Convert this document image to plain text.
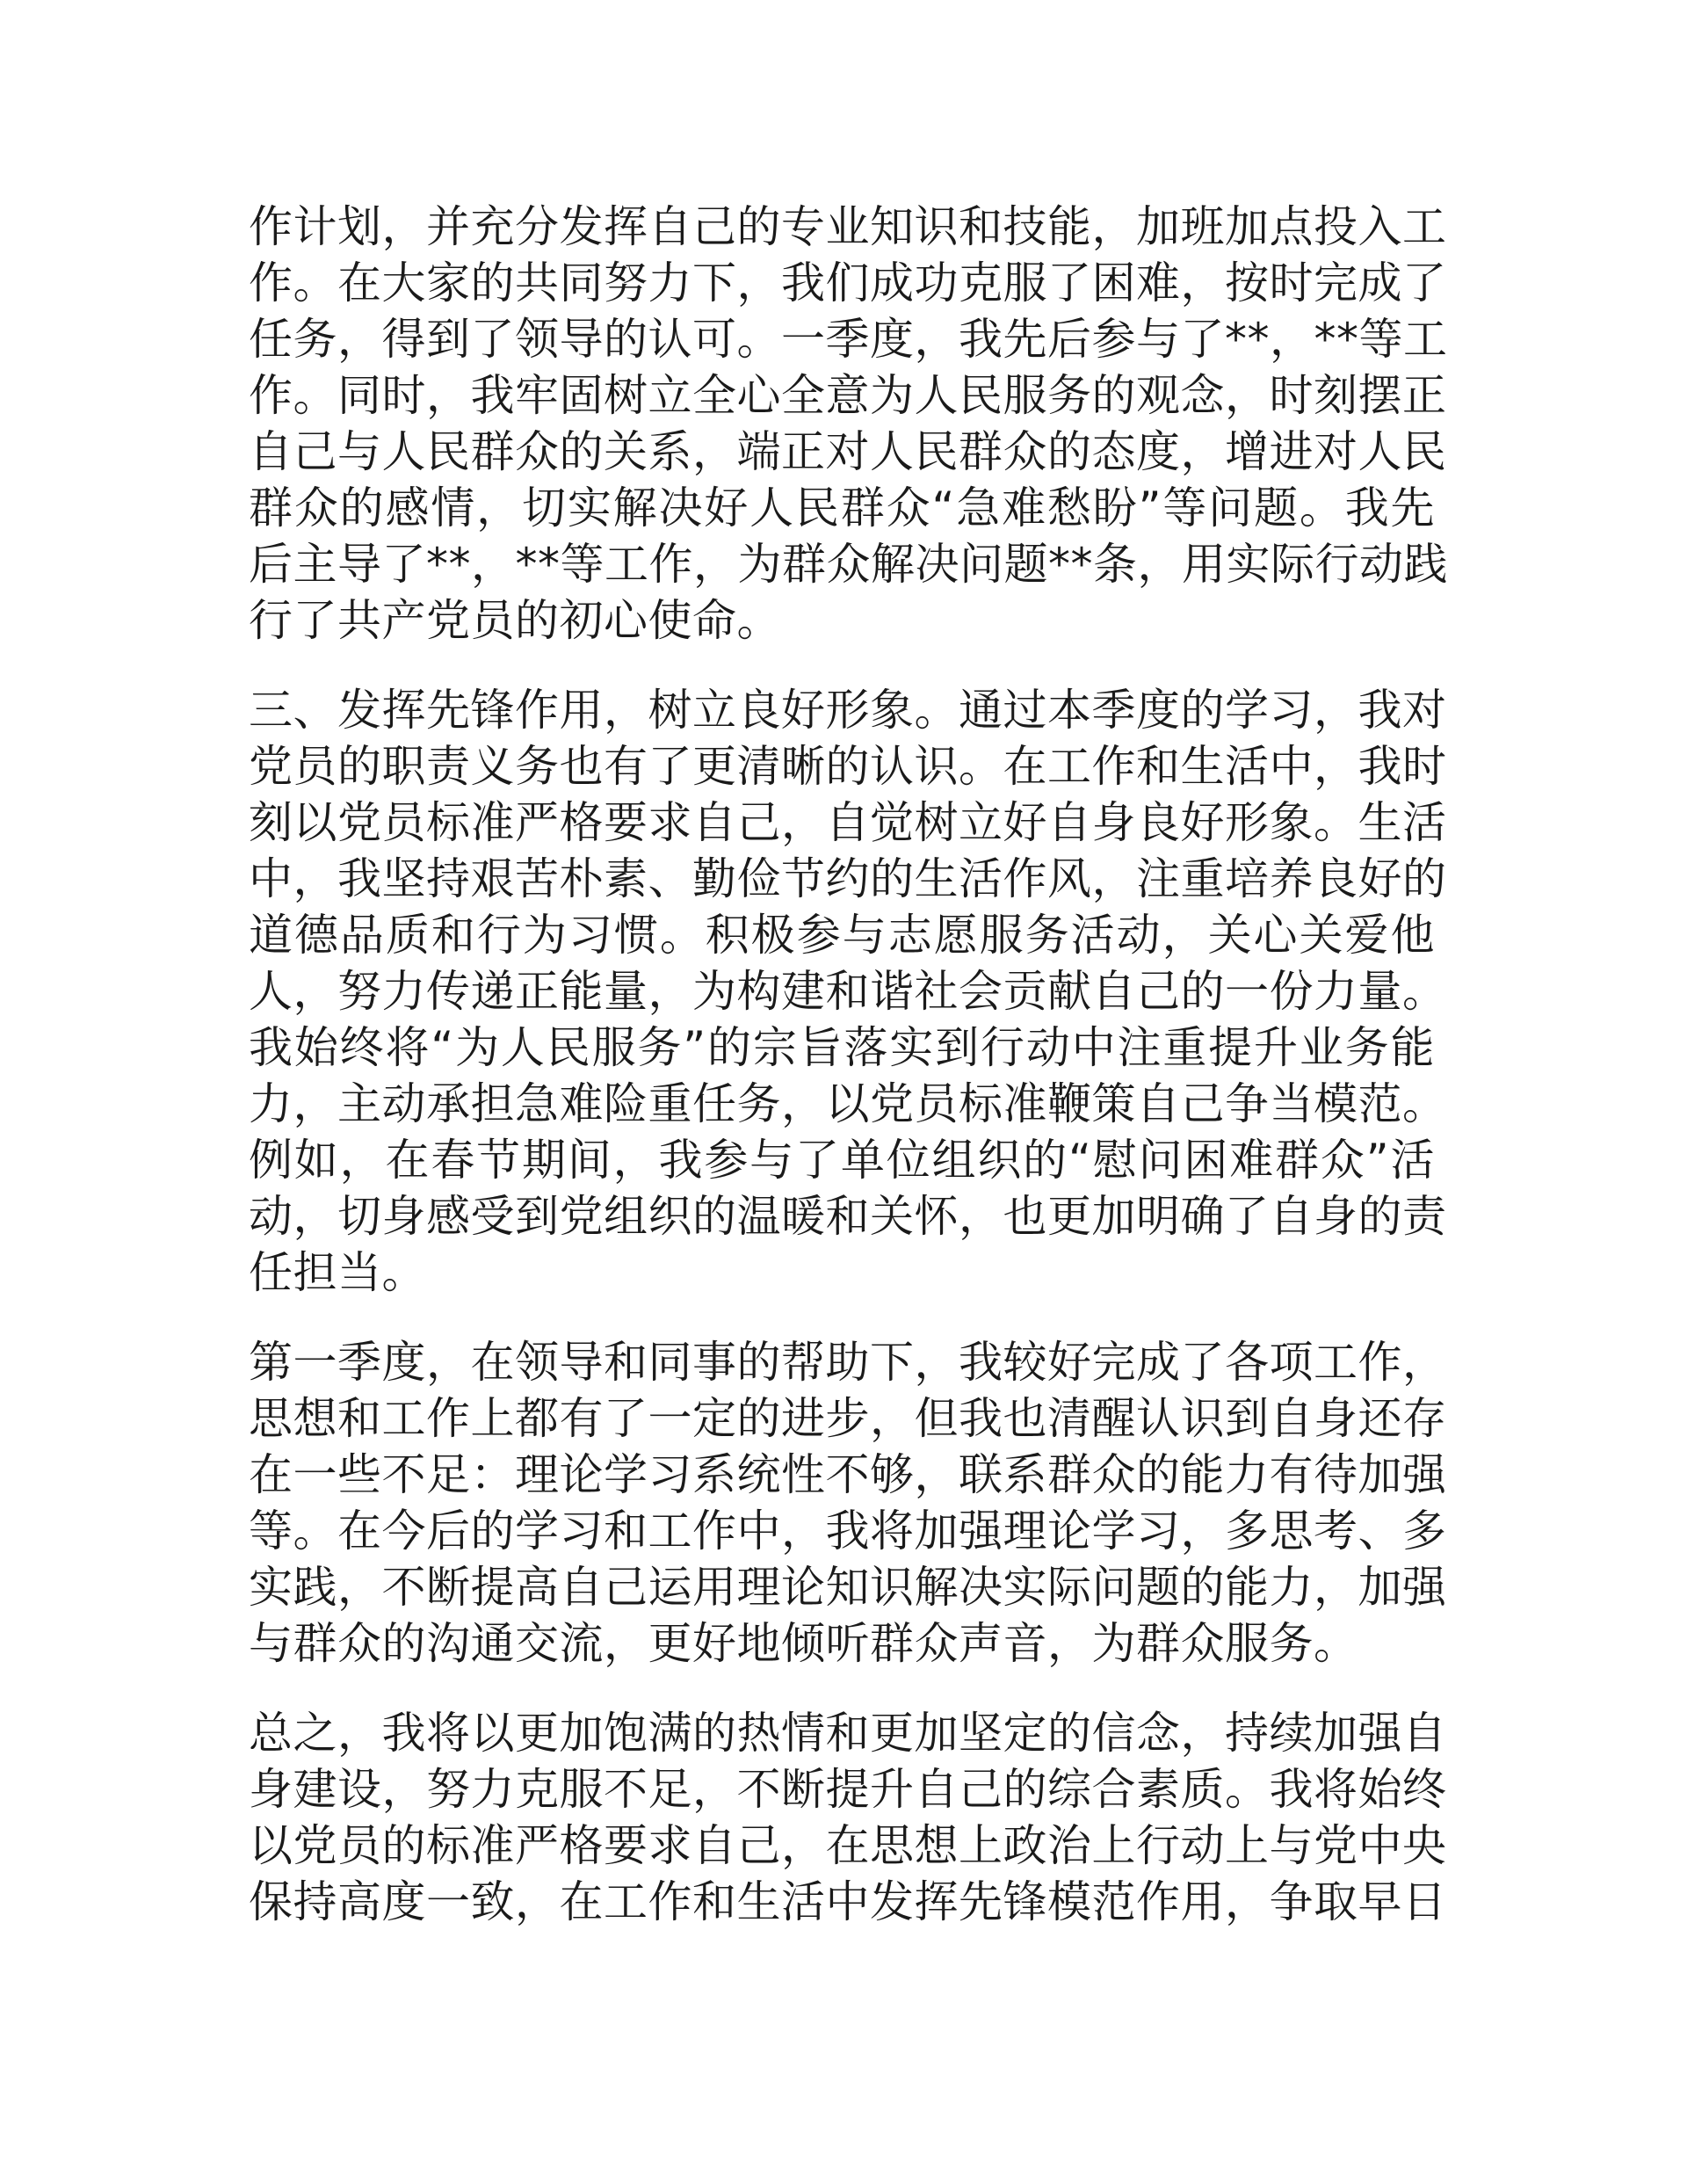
作计划，并充分发挥自己的专业知识和技能，加班加点投入工
作。在大家的共同努力下，我们成功克服了困难，按时完成了
任务，得到了领导的认可。一季度，我先后参与了**，**等工
作。同时，我牢固树立全心全意为人民服务的观念，时刻摆正
自己与人民群众的关系，端正对人民群众的态度，增进对人民
群众的感情，切实解决好人民群众“急难愁盼”等问题。我先
后主导了**，**等工作，为群众解决问题**条，用实际行动践
行了共产党员的初心使命。

三、发挥先锋作用，树立良好形象。通过本季度的学习，我对
党员的职责义务也有了更清晰的认识。在工作和生活中，我时
刻以党员标准严格要求自己，自觉树立好自身良好形象。生活
中，我坚持艰苦朴素、勤俭节约的生活作风，注重培养良好的
道德品质和行为习惯。积极参与志愿服务活动，关心关爱他
人，努力传递正能量，为构建和谐社会贡献自己的一份力量。
我始终将“为人民服务”的宗旨落实到行动中注重提升业务能
力，主动承担急难险重任务，以党员标准鞭策自己争当模范。
例如，在春节期间，我参与了单位组织的“慰问困难群众”活
动，切身感受到党组织的温暖和关怀，也更加明确了自身的责
任担当。

第一季度，在领导和同事的帮助下，我较好完成了各项工作，
思想和工作上都有了一定的进步，但我也清醒认识到自身还存
在一些不足：理论学习系统性不够，联系群众的能力有待加强
等。在今后的学习和工作中，我将加强理论学习，多思考、多
实践，不断提高自己运用理论知识解决实际问题的能力，加强
与群众的沟通交流，更好地倾听群众声音，为群众服务。

总之，我将以更加饱满的热情和更加坚定的信念，持续加强自
身建设，努力克服不足，不断提升自己的综合素质。我将始终
以党员的标准严格要求自己，在思想上政治上行动上与党中央
保持高度一致，在工作和生活中发挥先锋模范作用，争取早日
